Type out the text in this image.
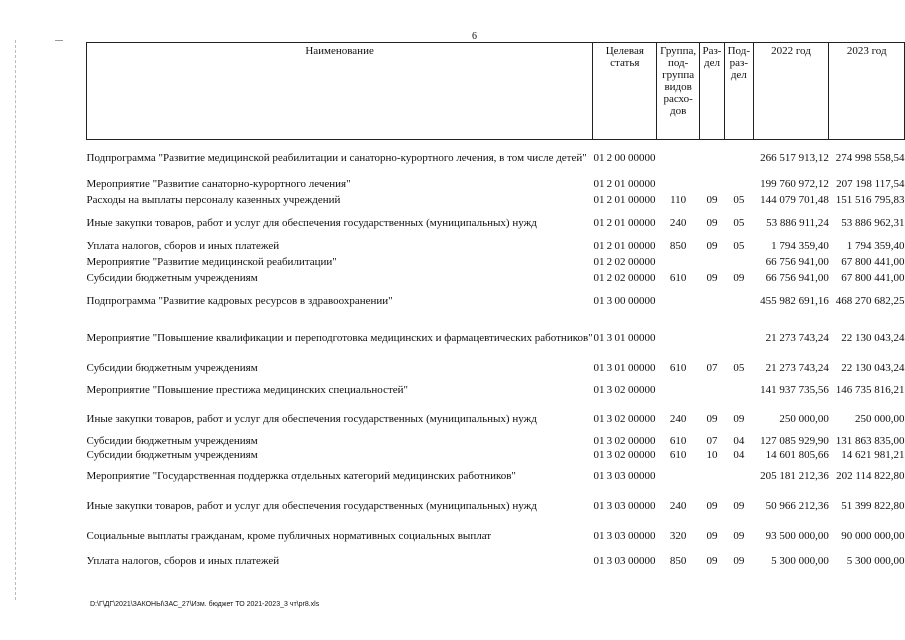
6
Наименование	Целевая статья				Группа, под-группа видов расхо-дов	Раз-дел	Под-раз-дел	2022 год	2023 год
Подпрограмма "Развитие медицинской реабилитации и санаторно-курортного лечения, в том числе детей"	01	2	00	00000				266 517 913,12	274 998 558,54
Мероприятие "Развитие санаторно-курортного лечения"	01	2	01	00000				199 760 972,12	207 198 117,54
Расходы на выплаты персоналу казенных учреждений	01	2	01	00000	110	09	05	144 079 701,48	151 516 795,83
Иные закупки товаров, работ и услуг для обеспечения государственных (муниципальных) нужд	01	2	01	00000	240	09	05	53 886 911,24	53 886 962,31
Уплата налогов, сборов и иных платежей	01	2	01	00000	850	09	05	1 794 359,40	1 794 359,40
Мероприятие "Развитие медицинской реабилитации"	01	2	02	00000				66 756 941,00	67 800 441,00
Субсидии бюджетным учреждениям	01	2	02	00000	610	09	09	66 756 941,00	67 800 441,00
Подпрограмма "Развитие кадровых ресурсов в здравоохранении"	01	3	00	00000				455 982 691,16	468 270 682,25
Мероприятие "Повышение квалификации и переподготовка медицинских и фармацевтических работников"	01	3	01	00000				21 273 743,24	22 130 043,24
Субсидии бюджетным учреждениям	01	3	01	00000	610	07	05	21 273 743,24	22 130 043,24
Мероприятие "Повышение престижа медицинских специальностей"	01	3	02	00000				141 937 735,56	146 735 816,21
Иные закупки товаров, работ и услуг для обеспечения государственных (муниципальных) нужд	01	3	02	00000	240	09	09	250 000,00	250 000,00
Субсидии бюджетным учреждениям	01	3	02	00000	610	07	04	127 085 929,90	131 863 835,00
Субсидии бюджетным учреждениям	01	3	02	00000	610	10	04	14 601 805,66	14 621 981,21
Мероприятие "Государственная поддержка отдельных категорий медицинских работников"	01	3	03	00000				205 181 212,36	202 114 822,80
Иные закупки товаров, работ и услуг для обеспечения государственных (муниципальных) нужд	01	3	03	00000	240	09	09	50 966 212,36	51 399 822,80
Социальные выплаты гражданам, кроме публичных нормативных социальных выплат	01	3	03	00000	320	09	09	93 500 000,00	90 000 000,00
Уплата налогов, сборов и иных платежей	01	3	03	00000	850	09	09	5 300 000,00	5 300 000,00
D:\Г\ДГ\2021\ЗАКОНЫ\ЗАС_27\Изм. бюджет ТО 2021-2023_3 чт\pr8.xls
